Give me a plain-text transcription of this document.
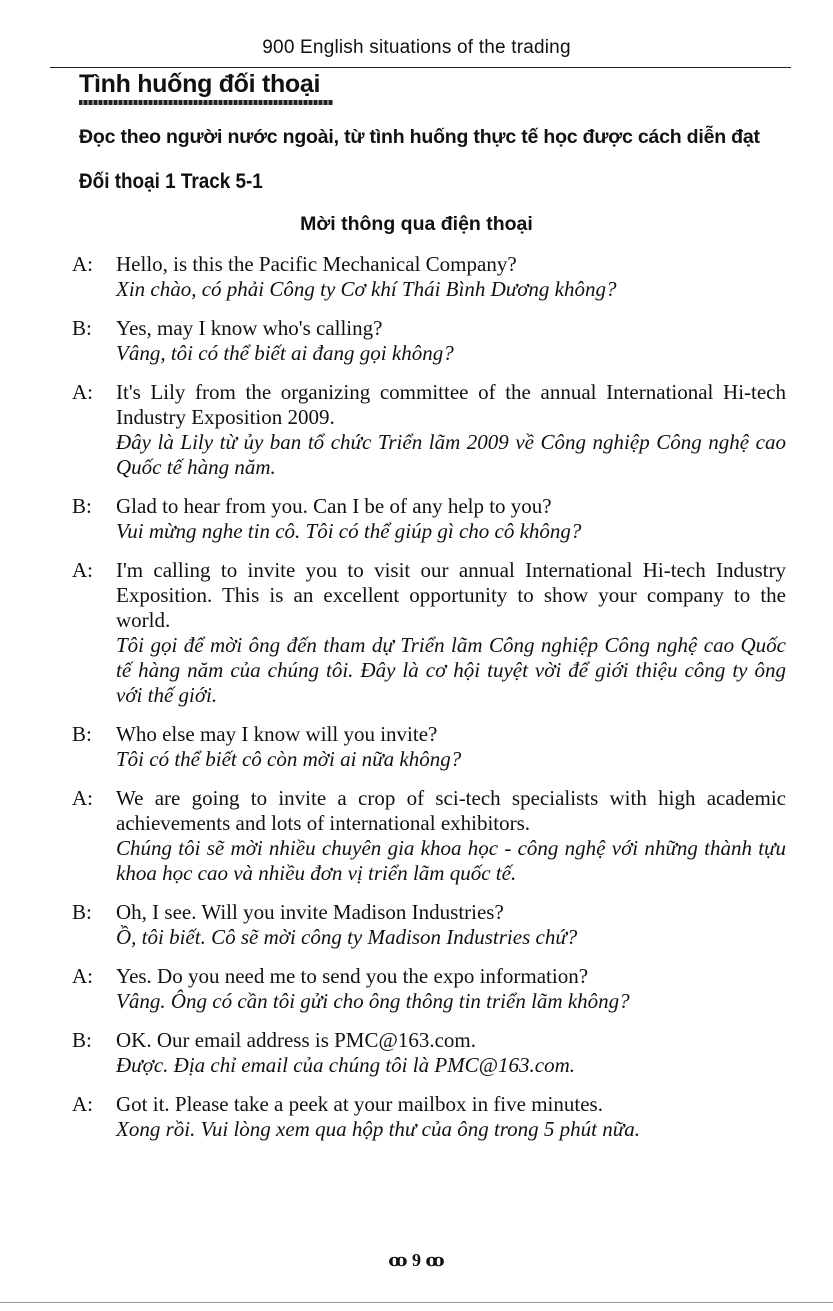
900 English situations of the trading
Tình huống đối thoại
Đọc theo người nước ngoài, từ tình huống thực tế học được cách diễn đạt
Đối thoại 1 Track 5-1
Mời thông qua điện thoại
A: Hello, is this the Pacific Mechanical Company?
Xin chào, có phải Công ty Cơ khí Thái Bình Dương không?
B: Yes, may I know who's calling?
Vâng, tôi có thể biết ai đang gọi không?
A: It's Lily from the organizing committee of the annual International Hi-tech Industry Exposition 2009.
Đây là Lily từ ủy ban tổ chức Triển lãm 2009 về Công nghiệp Công nghệ cao Quốc tế hàng năm.
B: Glad to hear from you. Can I be of any help to you?
Vui mừng nghe tin cô. Tôi có thể giúp gì cho cô không?
A: I'm calling to invite you to visit our annual International Hi-tech Industry Exposition. This is an excellent opportunity to show your company to the world.
Tôi gọi để mời ông đến tham dự Triển lãm Công nghiệp Công nghệ cao Quốc tế hàng năm của chúng tôi. Đây là cơ hội tuyệt vời để giới thiệu công ty ông với thế giới.
B: Who else may I know will you invite?
Tôi có thể biết cô còn mời ai nữa không?
A: We are going to invite a crop of sci-tech specialists with high academic achievements and lots of international exhibitors.
Chúng tôi sẽ mời nhiều chuyên gia khoa học - công nghệ với những thành tựu khoa học cao và nhiều đơn vị triển lãm quốc tế.
B: Oh, I see. Will you invite Madison Industries?
Ồ, tôi biết. Cô sẽ mời công ty Madison Industries chứ?
A: Yes. Do you need me to send you the expo information?
Vâng. Ông có cần tôi gửi cho ông thông tin triển lãm không?
B: OK. Our email address is PMC@163.com.
Được. Địa chỉ email của chúng tôi là PMC@163.com.
A: Got it. Please take a peek at your mailbox in five minutes.
Xong rồi. Vui lòng xem qua hộp thư của ông trong 5 phút nữa.
ꝏ 9 ꝏ
